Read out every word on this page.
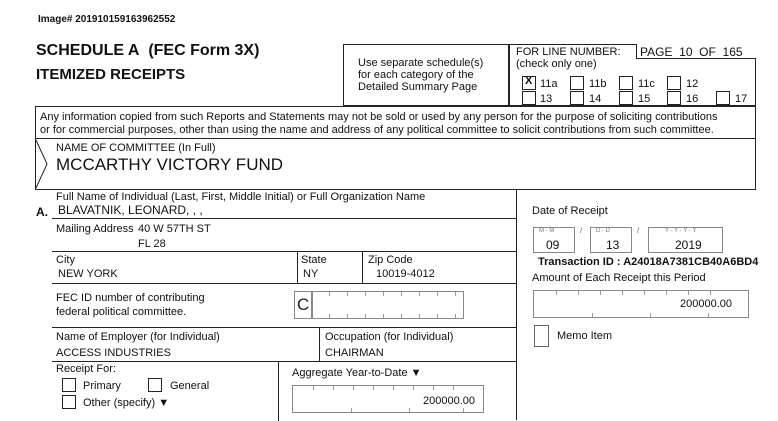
Image# 201910159163962552
SCHEDULE A (FEC Form 3X)
ITEMIZED RECEIPTS
Use separate schedule(s)
for each category of the
Detailed Summary Page
FOR LINE NUMBER:
(check only one)
PAGE 10 OF 165
X 11a	11b	11c	12
13	14	15	16	17
Any information copied from such Reports and Statements may not be sold or used by any person for the purpose of soliciting contributions
or for commercial purposes, other than using the name and address of any political committee to solicit contributions from such committee.
NAME OF COMMITTEE (In Full)
MCCARTHY VICTORY FUND
A.
Full Name of Individual (Last, First, Middle Initial) or Full Organization Name
BLAVATNIK, LEONARD, , ,
Mailing Address 40 W 57TH ST
FL 28
City
NEW YORK
State
NY
Zip Code
10019-4012
FEC ID number of contributing
federal political committee.	C
Name of Employer (for Individual)
ACCESS INDUSTRIES
Occupation (for Individual)
CHAIRMAN
Receipt For:
Primary	General
Other (specify) ▼
Aggregate Year-to-Date ▼
200000.00
Date of Receipt
M - M
09
/ D - D
13
/	Y - Y - Y - Y
2019
Transaction ID : A24018A7381CB40A6BD4
Amount of Each Receipt this Period
200000.00
Memo Item
